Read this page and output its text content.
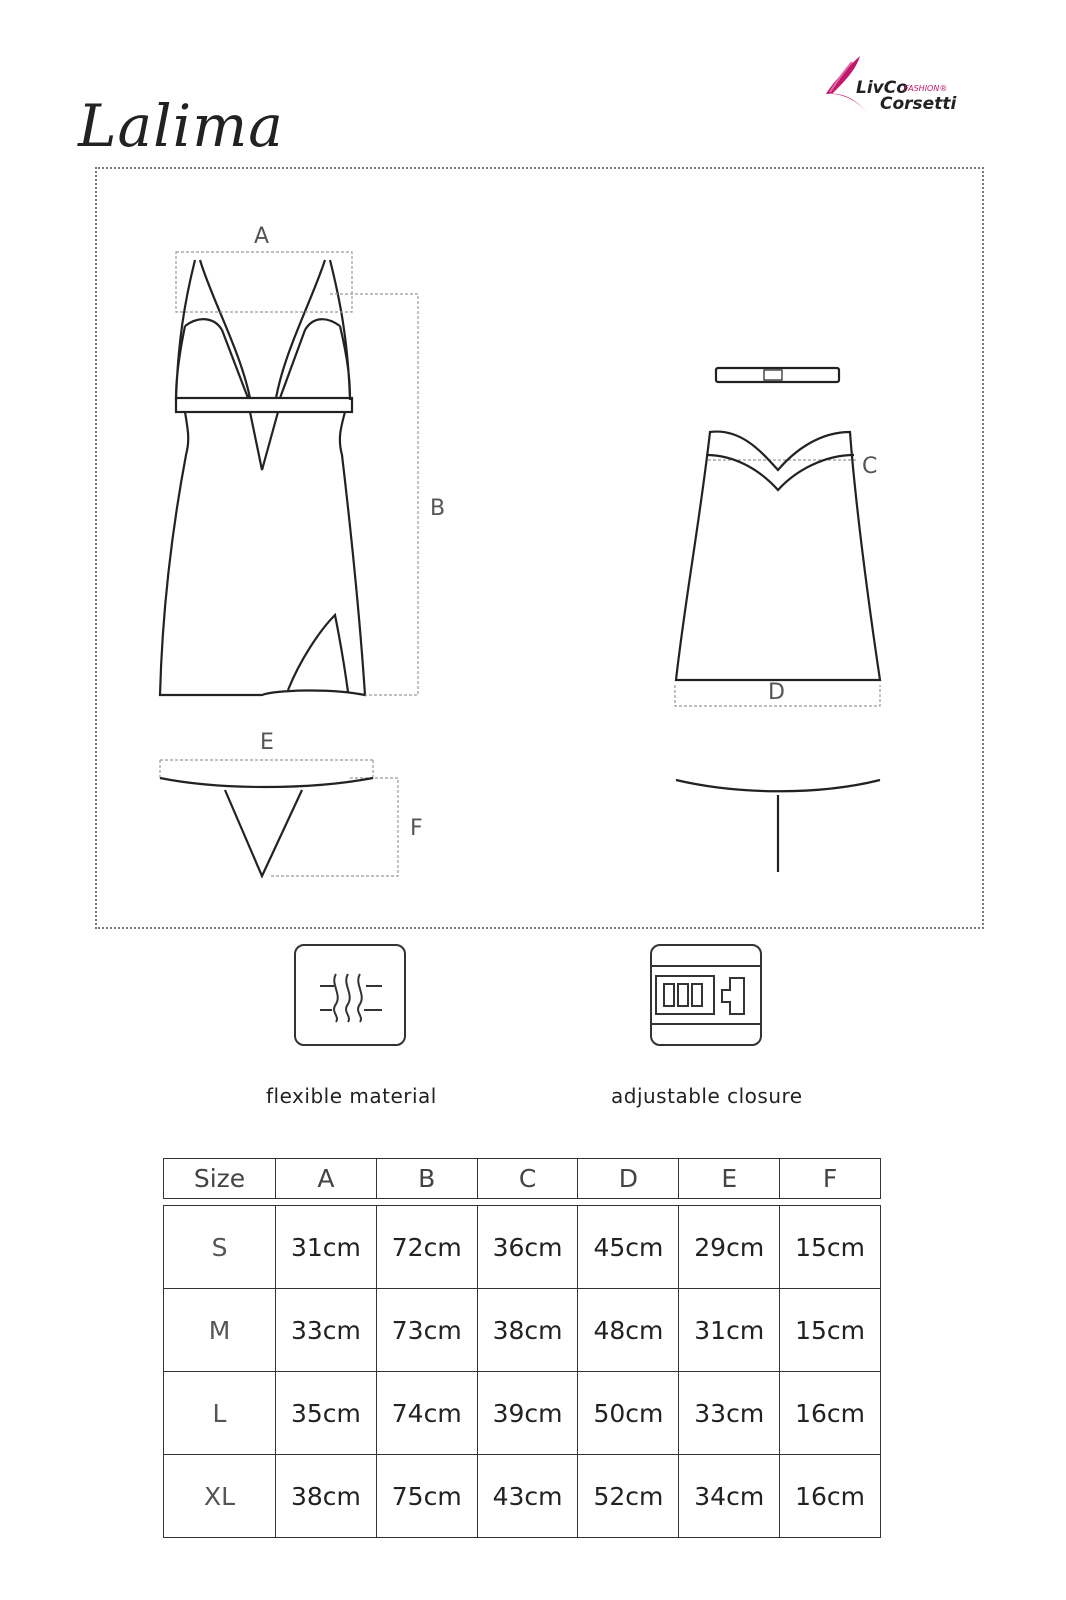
Lalima
LivCo
FASHION®
Corsetti
A
B
C
D
E
F
flexible material	adjustable closure
Size	A	B	C	D	E	F
S	31cm	72cm	36cm	45cm	29cm	15cm
M	33cm	73cm	38cm	48cm	31cm	15cm
L	35cm	74cm	39cm	50cm	33cm	16cm
XL	38cm	75cm	43cm	52cm	34cm	16cm
